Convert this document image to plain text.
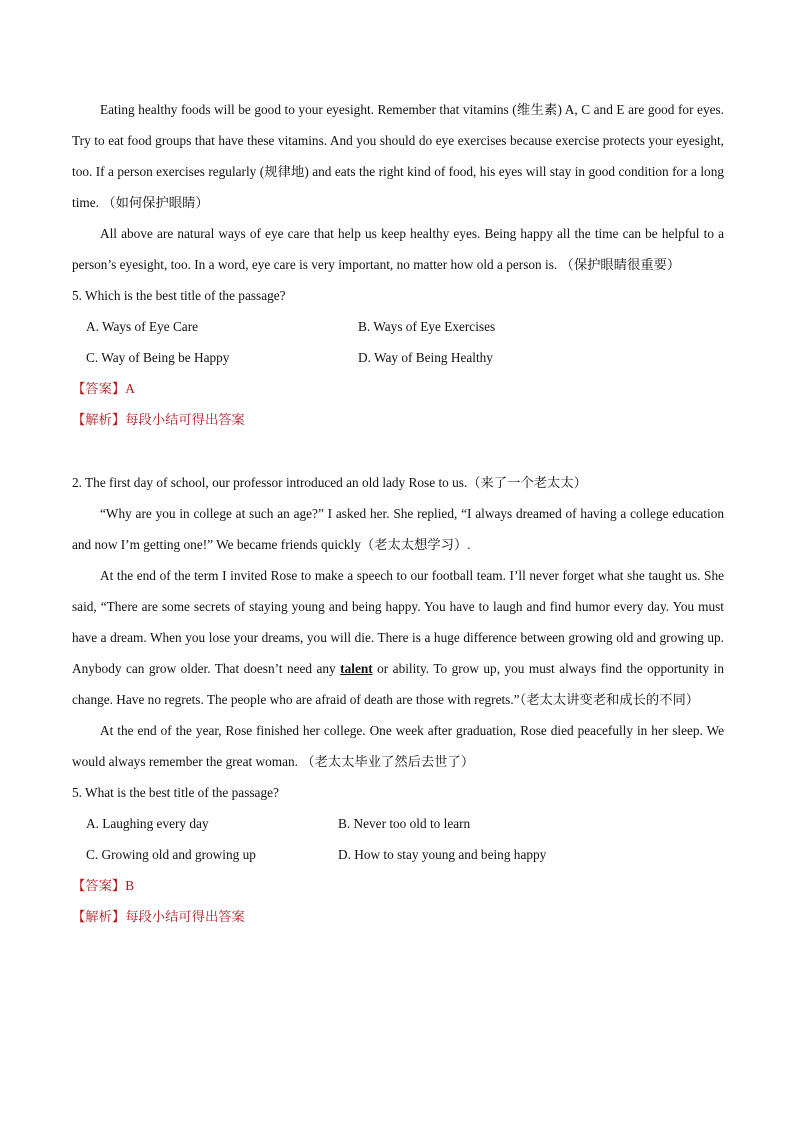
Eating healthy foods will be good to your eyesight. Remember that vitamins (维生素) A, C and E are good for eyes. Try to eat food groups that have these vitamins. And you should do eye exercises because exercise protects your eyesight, too. If a person exercises regularly (规律地) and eats the right kind of food, his eyes will stay in good condition for a long time. （如何保护眼睛）

All above are natural ways of eye care that help us keep healthy eyes. Being happy all the time can be helpful to a person’s eyesight, too. In a word, eye care is very important, no matter how old a person is. （保护眼睛很重要）

5. Which is the best title of the passage?

A. Ways of Eye Care	B. Ways of Eye Exercises
C. Way of Being be Happy	D. Way of Being Healthy

【答案】A

【解析】每段小结可得出答案

2. The first day of school, our professor introduced an old lady Rose to us.（来了一个老太太）

“Why are you in college at such an age?” I asked her. She replied, “I always dreamed of having a college education and now I’m getting one!” We became friends quickly（老太太想学习）.

At the end of the term I invited Rose to make a speech to our football team. I’ll never forget what she taught us. She said, “There are some secrets of staying young and being happy. You have to laugh and find humor every day. You must have a dream. When you lose your dreams, you will die. There is a huge difference between growing old and growing up. Anybody can grow older. That doesn’t need any talent or ability. To grow up, you must always find the opportunity in change. Have no regrets. The people who are afraid of death are those with regrets.”（老太太讲变老和成长的不同）

At the end of the year, Rose finished her college. One week after graduation, Rose died peacefully in her sleep. We would always remember the great woman. （老太太毕业了然后去世了）

5. What is the best title of the passage?

A. Laughing every day	B. Never too old to learn
C. Growing old and growing up	D. How to stay young and being happy

【答案】B

【解析】每段小结可得出答案
